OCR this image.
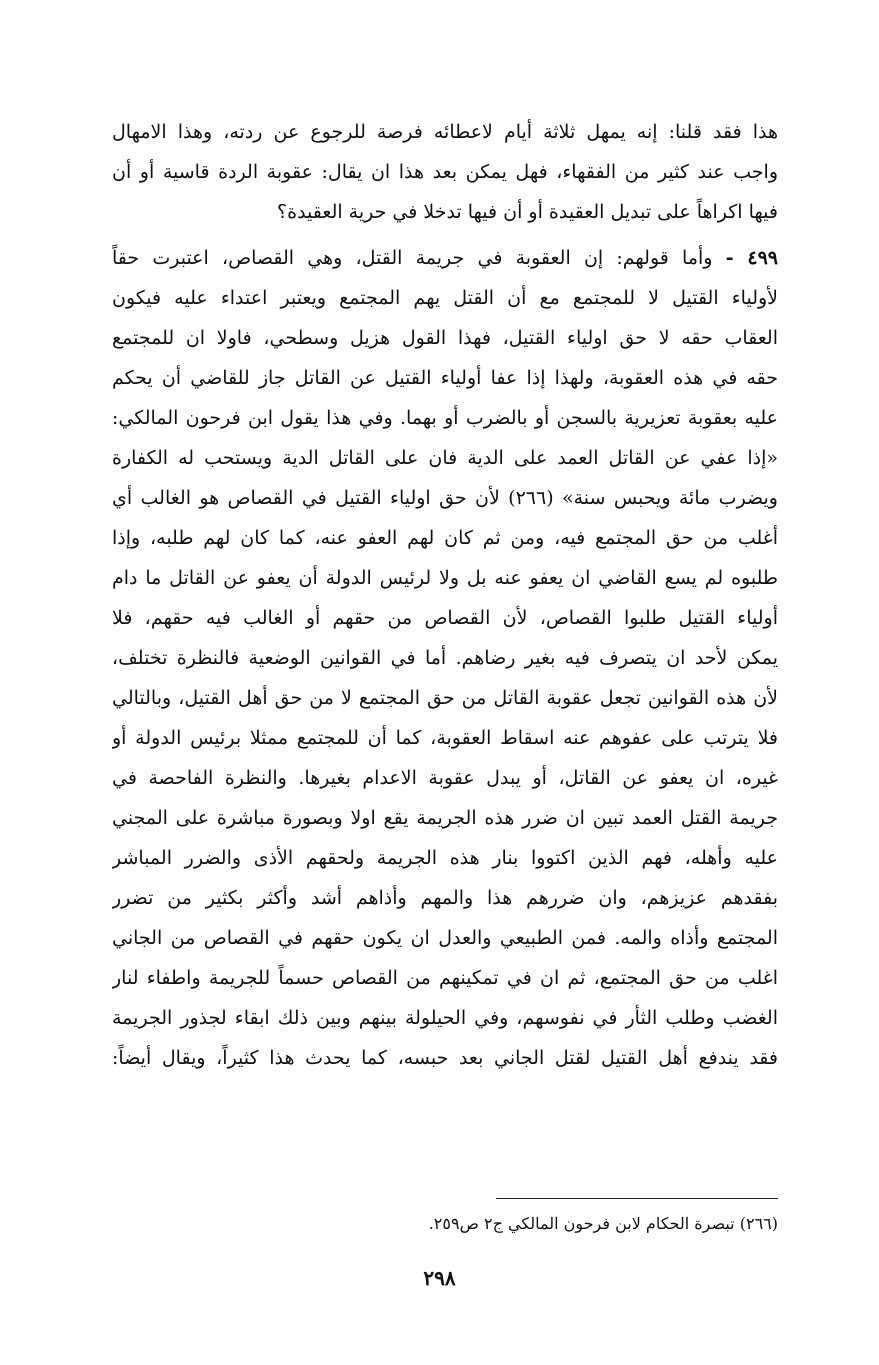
هذا فقد قلنا: إنه يمهل ثلاثة أيام لاعطائه فرصة للرجوع عن ردته، وهذا الامهال
واجب عند كثير من الفقهاء، فهل يمكن بعد هذا ان يقال: عقوبة الردة قاسية أو أن
فيها اكراهاً على تبديل العقيدة أو أن فيها تدخلا في حرية العقيدة؟
٤٩٩ - وأما قولهم: إن العقوبة في جريمة القتل، وهي القصاص، اعتبرت حقاً
لأولياء القتيل لا للمجتمع مع أن القتل يهم المجتمع ويعتبر اعتداء عليه فيكون
العقاب حقه لا حق اولياء القتيل، فهذا القول هزيل وسطحي، فاولا ان للمجتمع
حقه في هذه العقوبة، ولهذا إذا عفا أولياء القتيل عن القاتل جاز للقاضي أن يحكم
عليه بعقوبة تعزيرية بالسجن أو بالضرب أو بهما. وفي هذا يقول ابن فرحون المالكي:
«إذا عفي عن القاتل العمد على الدية فان على القاتل الدية ويستحب له الكفارة
ويضرب مائة ويحبس سنة» (٢٦٦) لأن حق اولياء القتيل في القصاص هو الغالب أي
أغلب من حق المجتمع فيه، ومن ثم كان لهم العفو عنه، كما كان لهم طلبه، وإذا
طلبوه لم يسع القاضي ان يعفو عنه بل ولا لرئيس الدولة أن يعفو عن القاتل ما دام
أولياء القتيل طلبوا القصاص، لأن القصاص من حقهم أو الغالب فيه حقهم، فلا
يمكن لأحد ان يتصرف فيه بغير رضاهم. أما في القوانين الوضعية فالنظرة تختلف،
لأن هذه القوانين تجعل عقوبة القاتل من حق المجتمع لا من حق أهل القتيل، وبالتالي
فلا يترتب على عفوهم عنه اسقاط العقوبة، كما أن للمجتمع ممثلا برئيس الدولة أو
غيره، ان يعفو عن القاتل، أو يبدل عقوبة الاعدام بغيرها. والنظرة الفاحصة في
جريمة القتل العمد تبين ان ضرر هذه الجريمة يقع اولا وبصورة مباشرة على المجني
عليه وأهله، فهم الذين اكتووا بنار هذه الجريمة ولحقهم الأذى والضرر المباشر
بفقدهم عزيزهم، وان ضررهم هذا والمهم وأذاهم أشد وأكثر بكثير من تضرر
المجتمع وأذاه والمه. فمن الطبيعي والعدل ان يكون حقهم في القصاص من الجاني
اغلب من حق المجتمع، ثم ان في تمكينهم من القصاص حسماً للجريمة واطفاء لنار
الغضب وطلب الثأر في نفوسهم، وفي الحيلولة بينهم وبين ذلك ابقاء لجذور الجريمة
فقد يندفع أهل القتيل لقتل الجاني بعد حبسه، كما يحدث هذا كثيراً، ويقال أيضاً:
(٢٦٦) تبصرة الحكام لابن فرحون المالكي ج٢ ص٢٥٩.
٢٩٨
